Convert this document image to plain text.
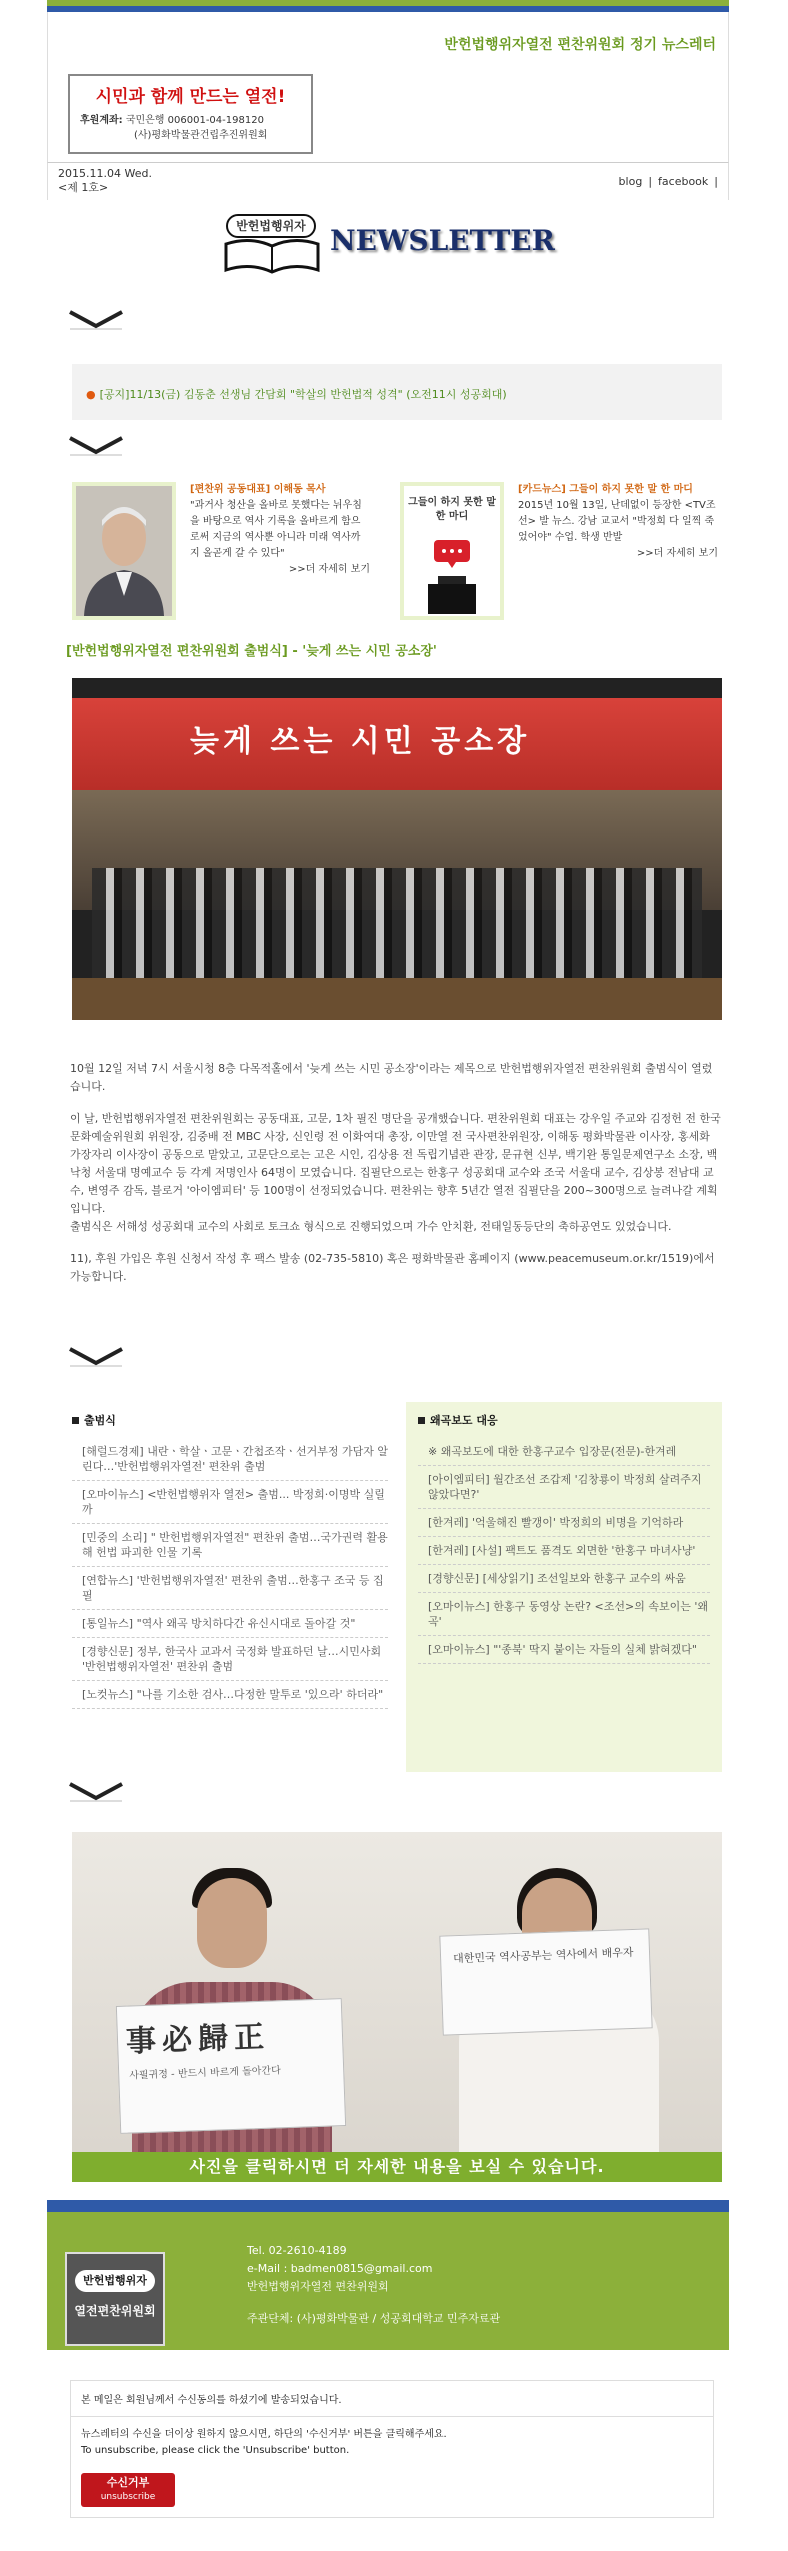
반헌법행위자열전 편찬위원회 정기 뉴스레터
시민과 함께 만드는 열전!
후원계좌: 국민은행 006001-04-198120
(사)평화박물관건립추진위원회
2015.11.04 Wed.
<제 1호>	blog | facebook |
반헌법행위자 NEWSLETTER
● [공지]11/13(금) 김동춘 선생님 간담회 "학살의 반헌법적 성격" (오전11시 성공회대)
[편찬위 공동대표] 이해동 목사
"과거사 청산을 올바로 못했다는 뉘우침을 바탕으로 역사 기록을 올바르게 함으로써 지금의 역사뿐 아니라 미래 역사까지 올곧게 갈 수 있다"
>>더 자세히 보기
그들이 하지 못한 말 한 마디
[카드뉴스] 그들이 하지 못한 말 한 마디
2015년 10월 13일, 난데없이 등장한 <TV조선> 발 뉴스. 강남 교교서 "박정희 다 일찍 죽었어야" 수업. 학생 반발
>>더 자세히 보기
[반헌법행위자열전 편찬위원회 출범식] - '늦게 쓰는 시민 공소장'
늦게 쓰는 시민 공소장

10월 12일 저녁 7시 서울시청 8층 다목적홀에서 '늦게 쓰는 시민 공소장'이라는 제목으로 반헌법행위자열전 편찬위원회 출범식이 열렸습니다.

이 날, 반헌법행위자열전 편찬위원회는 공동대표, 고문, 1차 필진 명단을 공개했습니다. 편찬위원회 대표는 강우일 주교와 김정헌 전 한국문화예술위원회 위원장, 김중배 전 MBC 사장, 신인령 전 이화여대 총장, 이만열 전 국사편찬위원장, 이해동 평화박물관 이사장, 홍세화 가장자리 이사장이 공동으로 맡았고, 고문단으로는 고은 시인, 김상용 전 독립기념관 관장, 문규현 신부, 백기완 통일문제연구소 소장, 백낙청 서울대 명예교수 등 각계 저명인사 64명이 모였습니다. 집필단으로는 한홍구 성공회대 교수와 조국 서울대 교수, 김상봉 전남대 교수, 변영주 감독, 블로거 '아이엠피터' 등 100명이 선정되었습니다. 편찬위는 향후 5년간 열전 집필단을 200~300명으로 늘려나갈 계획입니다.

출범식은 서해성 성공회대 교수의 사회로 토크쇼 형식으로 진행되었으며 가수 안치환, 전태일동등단의 축하공연도 있었습니다.

11), 후원 가입은 후원 신청서 작성 후 팩스 발송 (02-735-5810) 혹은 평화박물관 홈페이지 (www.peacemuseum.or.kr/1519)에서 가능합니다.

출범식
[해럴드경제] 내란ㆍ학살ㆍ고문ㆍ간첩조작ㆍ선거부정 가담자 알린다…'반헌법행위자열전' 편찬위 출범
[오마이뉴스] <반헌법행위자 열전> 출범... 박정희·이명박 실릴까
[민중의 소리] " 반헌법행위자열전" 편찬위 출범…국가권력 활용해 헌법 파괴한 인물 기록
[연합뉴스] '반헌법행위자열전' 편찬위 출범…한홍구 조국 등 집필
[통일뉴스] "역사 왜곡 방치하다간 유신시대로 돌아갈 것"
[경향신문] 정부, 한국사 교과서 국정화 발표하던 날…시민사회 '반헌법행위자열전' 편찬위 출범
[노컷뉴스] "나를 기소한 검사…다정한 말투로 '있으라' 하더라"
왜곡보도 대응
※ 왜곡보도에 대한 한홍구교수 입장문(전문)-한겨레
[아이엠피터] 월간조선 조갑제 '김창룡이 박정희 살려주지 않았다면?'
[한겨레] '억울해진 빨갱이' 박정희의 비명을 기억하라
[한겨레] [사설] 팩트도 품격도 외면한 '한홍구 마녀사냥'
[경향신문] [세상읽기] 조선일보와 한홍구 교수의 싸움
[오마이뉴스] 한홍구 동영상 논란? <조선>의 속보이는 '왜곡'
[오마이뉴스] "'종북' 딱지 붙이는 자들의 실체 밝혀겠다"
事必歸正
사필귀정 - 반드시 바르게 돌아간다
대한민국 역사공부는 역사에서 배우자
사진을 클릭하시면 더 자세한 내용을 보실 수 있습니다.
반헌법행위자
열전편찬위원회
Tel. 02-2610-4189
e-Mail : badmen0815@gmail.com
반헌법행위자열전 편찬위원회
주관단체: (사)평화박물관 / 성공회대학교 민주자료관
본 메일은 회원님께서 수신동의를 하셨기에 발송되었습니다.
뉴스레터의 수신을 더이상 원하지 않으시면, 하단의 '수신거부' 버튼을 클릭해주세요.
To unsubscribe, please click the 'Unsubscribe' button.
수신거부
unsubscribe
